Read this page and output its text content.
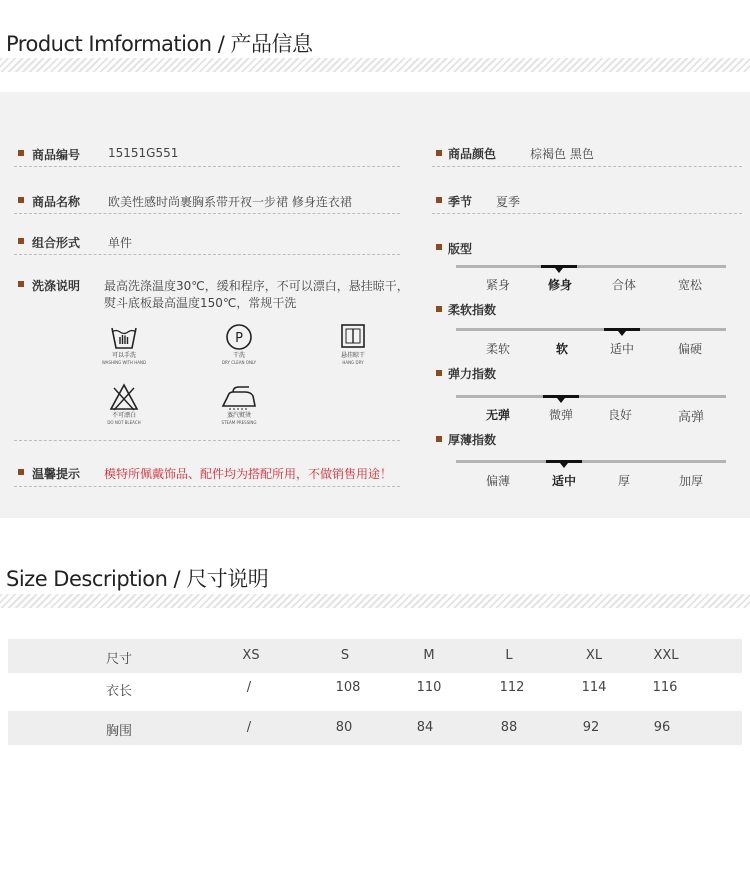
Product Imformation / 产品信息
商品编号 15151G551
商品名称 欧美性感时尚裹胸系带开衩一步裙 修身连衣裙
组合形式 单件
洗涤说明 最高洗涤温度30℃，缓和程序，不可以漂白，悬挂晾干，
熨斗底板最高温度150℃，常规干洗
可以手洗
WASHING WITH HAND
P
干洗
DRY CLEAN ONLY
悬挂晾干
HANG DRY
不可漂白
DO NOT BLEACH
蒸汽熨烫
STEAM PRESSING
温馨提示 模特所佩戴饰品、配件均为搭配所用，不做销售用途！
商品颜色	棕褐色 黑色
季节 夏季
版型
紧身	修身	合体	宽松
柔软指数
柔软	软	适中	偏硬
弹力指数
无弹	微弹	良好	高弹
厚薄指数
偏薄	适中	厚	加厚
Size Description / 尺寸说明
尺寸	XS	S	M	L	XL	XXL
衣长	/	108	110	112	114	116
胸围	/	80	84	88	92	96
